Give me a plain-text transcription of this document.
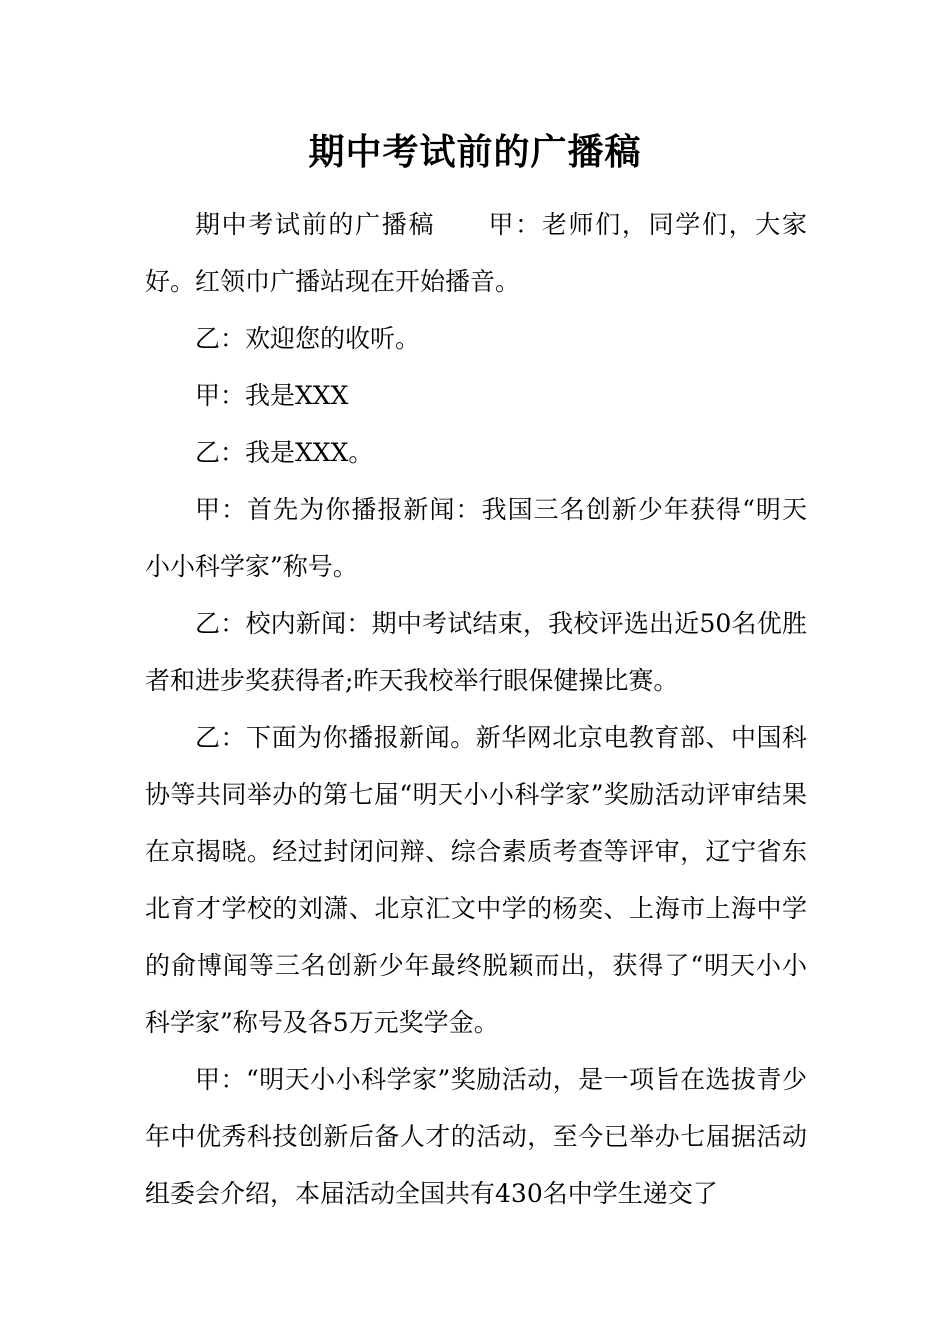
期中考试前的广播稿

期中考试前的广播稿　　甲：老师们，同学们，大家好。红领巾广播站现在开始播音。

乙：欢迎您的收听。

甲：我是XXX

乙：我是XXX。

甲：首先为你播报新闻：我国三名创新少年获得“明天小小科学家”称号。

乙：校内新闻：期中考试结束，我校评选出近50名优胜者和进步奖获得者;昨天我校举行眼保健操比赛。

乙：下面为你播报新闻。新华网北京电教育部、中国科协等共同举办的第七届“明天小小科学家”奖励活动评审结果在京揭晓。经过封闭问辩、综合素质考查等评审，辽宁省东北育才学校的刘潇、北京汇文中学的杨奕、上海市上海中学的俞博闻等三名创新少年最终脱颖而出，获得了“明天小小科学家”称号及各5万元奖学金。

甲：“明天小小科学家”奖励活动，是一项旨在选拔青少年中优秀科技创新后备人才的活动，至今已举办七届据活动组委会介绍，本届活动全国共有430名中学生递交了
